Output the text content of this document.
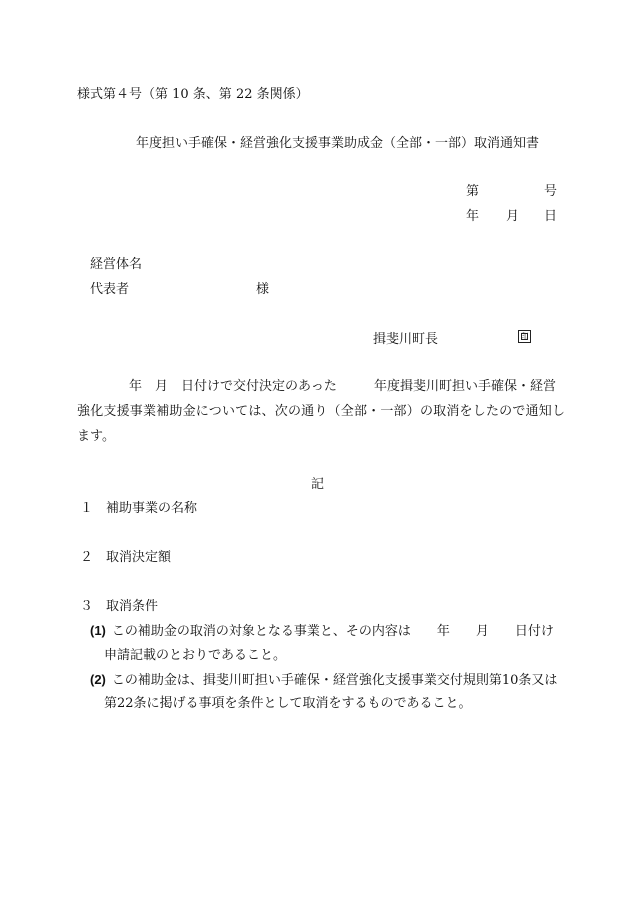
様式第４号（第 10 条、第 22 条関係）
年度担い手確保・経営強化支援事業助成金（全部・一部）取消通知書
第	号
年 月 日
経営体名
代表者	様
揖斐川町長	印
年　月　日付けで交付決定のあった	年度揖斐川町担い手確保・経営
強化支援事業補助金については、次の通り（全部・一部）の取消をしたので通知し
ます。
記
１ 補助事業の名称
２ 取消決定額
３ 取消条件
(1) この補助金の取消の対象となる事業と、その内容は　　年　　月　　日付け
申請記載のとおりであること。
(2) この補助金は、揖斐川町担い手確保・経営強化支援事業交付規則第10条又は
第22条に掲げる事項を条件として取消をするものであること。
